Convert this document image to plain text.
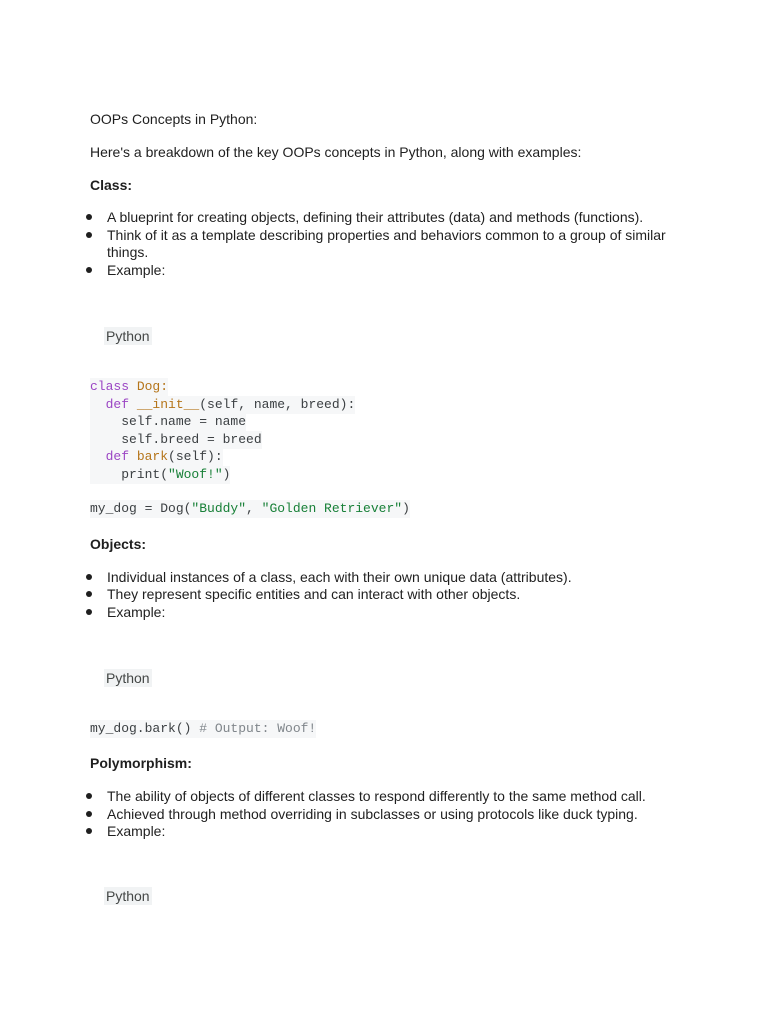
OOPs Concepts in Python:
Here's a breakdown of the key OOPs concepts in Python, along with examples:
Class:
A blueprint for creating objects, defining their attributes (data) and methods (functions).
Think of it as a template describing properties and behaviors common to a group of similar things.
Example:
Python
class Dog:
def __init__(self, name, breed):
self.name = name
self.breed = breed
def bark(self):
print("Woof!")
my_dog = Dog("Buddy", "Golden Retriever")
Objects:
Individual instances of a class, each with their own unique data (attributes).
They represent specific entities and can interact with other objects.
Example:
Python
my_dog.bark() # Output: Woof!
Polymorphism:
The ability of objects of different classes to respond differently to the same method call.
Achieved through method overriding in subclasses or using protocols like duck typing.
Example:
Python
